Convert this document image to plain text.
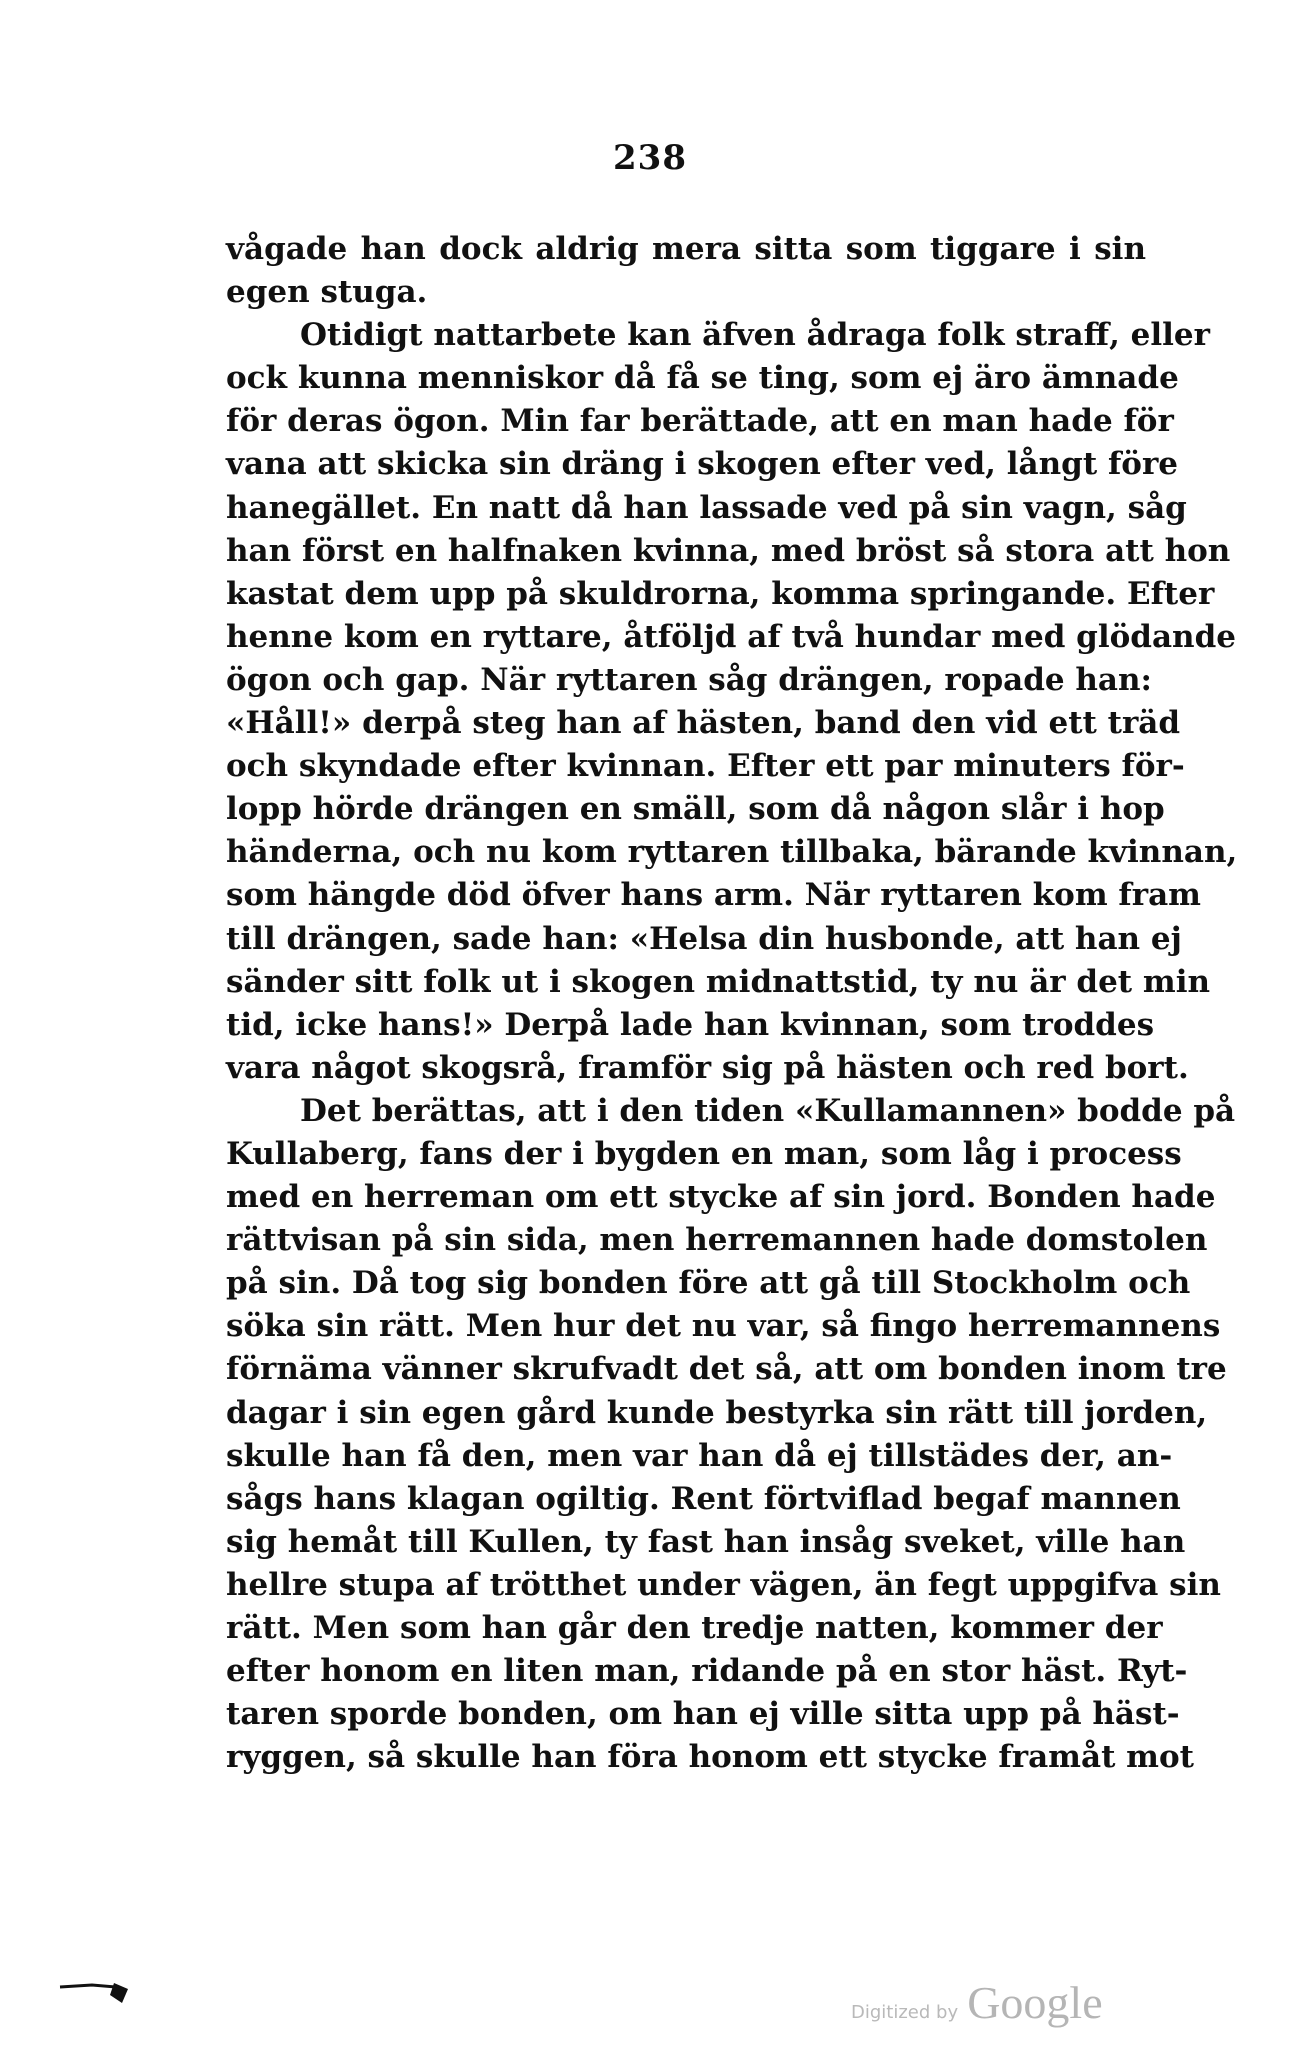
238
vågade han dock aldrig mera sitta som tiggare i sin
egen stuga.
Otidigt nattarbete kan äfven ådraga folk straff, eller
ock kunna menniskor då få se ting, som ej äro ämnade
för deras ögon. Min far berättade, att en man hade för
vana att skicka sin dräng i skogen efter ved, långt före
hanegället. En natt då han lassade ved på sin vagn, såg
han först en halfnaken kvinna, med bröst så stora att hon
kastat dem upp på skuldrorna, komma springande. Efter
henne kom en ryttare, åtföljd af två hundar med glödande
ögon och gap. När ryttaren såg drängen, ropade han:
«Håll!» derpå steg han af hästen, band den vid ett träd
och skyndade efter kvinnan. Efter ett par minuters för-
lopp hörde drängen en smäll, som då någon slår i hop
händerna, och nu kom ryttaren tillbaka, bärande kvinnan,
som hängde död öfver hans arm. När ryttaren kom fram
till drängen, sade han: «Helsa din husbonde, att han ej
sänder sitt folk ut i skogen midnattstid, ty nu är det min
tid, icke hans!» Derpå lade han kvinnan, som troddes
vara något skogsrå, framför sig på hästen och red bort.
Det berättas, att i den tiden «Kullamannen» bodde på
Kullaberg, fans der i bygden en man, som låg i process
med en herreman om ett stycke af sin jord. Bonden hade
rättvisan på sin sida, men herremannen hade domstolen
på sin. Då tog sig bonden före att gå till Stockholm och
söka sin rätt. Men hur det nu var, så fingo herremannens
förnäma vänner skrufvadt det så, att om bonden inom tre
dagar i sin egen gård kunde bestyrka sin rätt till jorden,
skulle han få den, men var han då ej tillstädes der, an-
sågs hans klagan ogiltig. Rent förtviflad begaf mannen
sig hemåt till Kullen, ty fast han insåg sveket, ville han
hellre stupa af trötthet under vägen, än fegt uppgifva sin
rätt. Men som han går den tredje natten, kommer der
efter honom en liten man, ridande på en stor häst. Ryt-
taren sporde bonden, om han ej ville sitta upp på häst-
ryggen, så skulle han föra honom ett stycke framåt mot
Digitized by Google
